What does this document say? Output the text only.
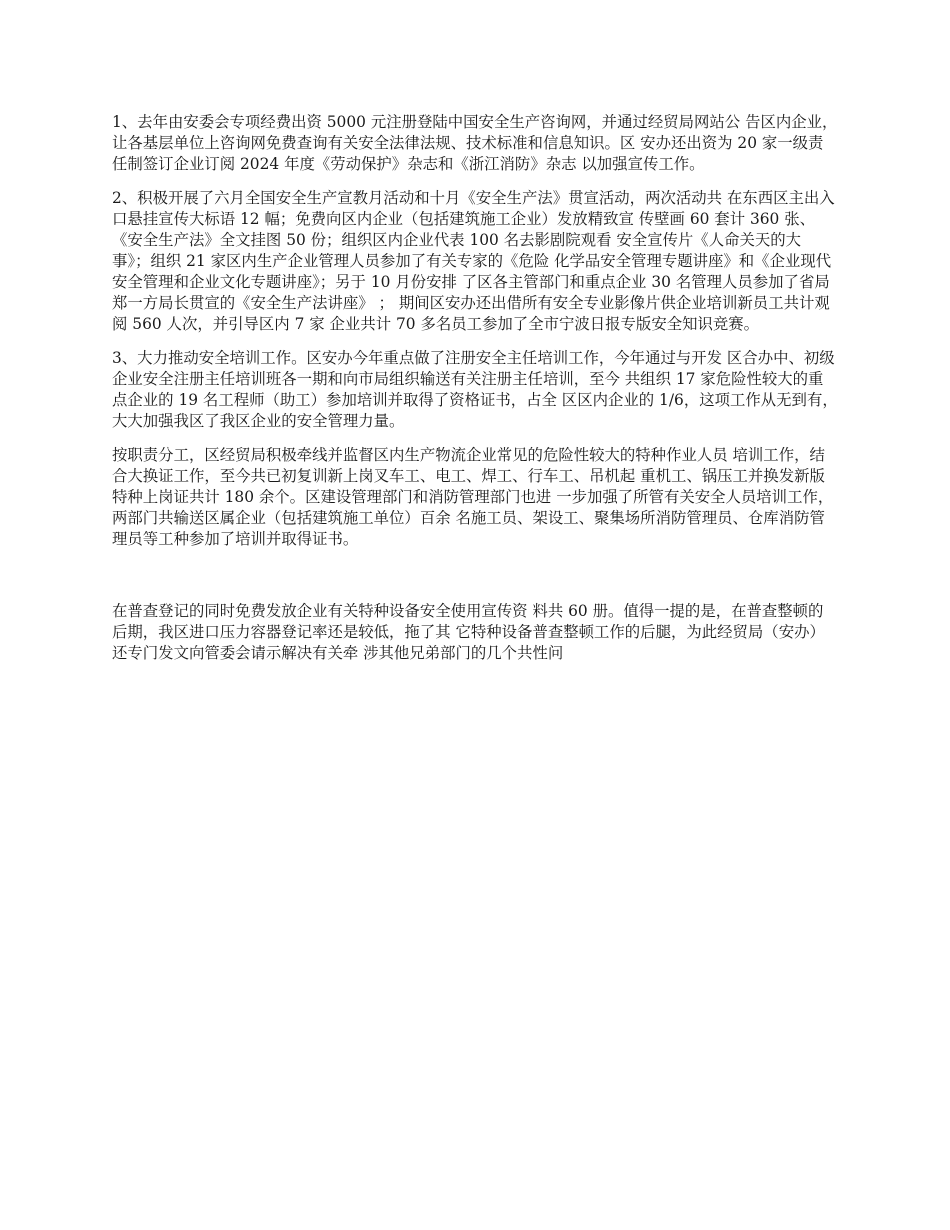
1、去年由安委会专项经费出资 5000 元注册登陆中国安全生产咨询网，并通过经贸局网站公 告区内企业，让各基层单位上咨询网免费查询有关安全法律法规、技术标准和信息知识。区 安办还出资为 20 家一级责任制签订企业订阅 2024 年度《劳动保护》杂志和《浙江消防》杂志 以加强宣传工作。

2、积极开展了六月全国安全生产宣教月活动和十月《安全生产法》贯宣活动，两次活动共 在东西区主出入口悬挂宣传大标语 12 幅；免费向区内企业（包括建筑施工企业）发放精致宣 传壁画 60 套计 360 张、《安全生产法》全文挂图 50 份；组织区内企业代表 100 名去影剧院观看 安全宣传片《人命关天的大事》；组织 21 家区内生产企业管理人员参加了有关专家的《危险 化学品安全管理专题讲座》和《企业现代安全管理和企业文化专题讲座》；另于 10 月份安排 了区各主管部门和重点企业 30 名管理人员参加了省局郑一方局长贯宣的《安全生产法讲座》 ； 期间区安办还出借所有安全专业影像片供企业培训新员工共计观阅 560 人次，并引导区内 7 家 企业共计 70 多名员工参加了全市宁波日报专版安全知识竞赛。

3、大力推动安全培训工作。区安办今年重点做了注册安全主任培训工作，今年通过与开发 区合办中、初级企业安全注册主任培训班各一期和向市局组织输送有关注册主任培训，至今 共组织 17 家危险性较大的重点企业的 19 名工程师（助工）参加培训并取得了资格证书，占全 区区内企业的 1/6，这项工作从无到有，大大加强我区了我区企业的安全管理力量。

按职责分工，区经贸局积极牵线并监督区内生产物流企业常见的危险性较大的特种作业人员 培训工作，结合大换证工作，至今共已初复训新上岗叉车工、电工、焊工、行车工、吊机起 重机工、锅压工并换发新版特种上岗证共计 180 余个。区建设管理部门和消防管理部门也进 一步加强了所管有关安全人员培训工作，两部门共输送区属企业（包括建筑施工单位）百余 名施工员、架设工、聚集场所消防管理员、仓库消防管理员等工种参加了培训并取得证书。

在普查登记的同时免费发放企业有关特种设备安全使用宣传资 料共 60 册。值得一提的是，在普查整顿的后期，我区进口压力容器登记率还是较低，拖了其 它特种设备普查整顿工作的后腿，为此经贸局（安办）还专门发文向管委会请示解决有关牵 涉其他兄弟部门的几个共性问
